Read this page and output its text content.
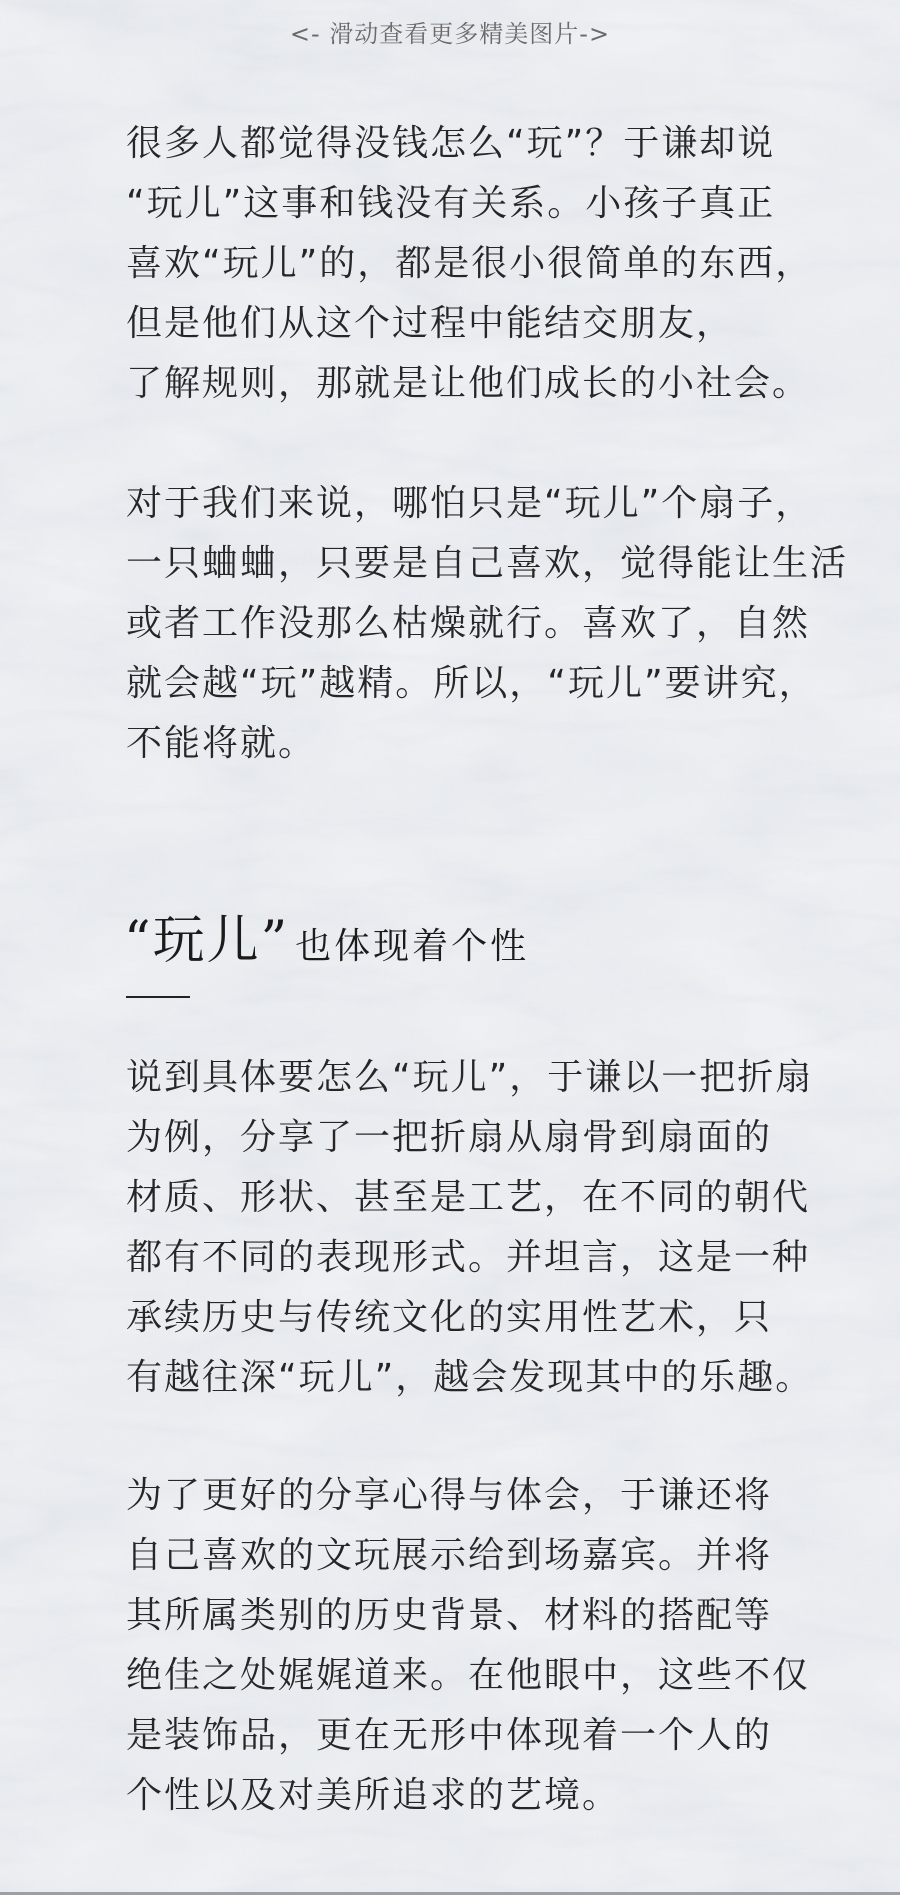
<- 滑动查看更多精美图片->
很多人都觉得没钱怎么“玩”？于谦却说
“玩儿”这事和钱没有关系。小孩子真正
喜欢“玩儿”的，都是很小很简单的东西，
但是他们从这个过程中能结交朋友，
了解规则，那就是让他们成长的小社会。
对于我们来说，哪怕只是“玩儿”个扇子，
一只蛐蛐，只要是自己喜欢，觉得能让生活
或者工作没那么枯燥就行。喜欢了，自然
就会越“玩”越精。所以，“玩儿”要讲究，
不能将就。
“玩儿” 也体现着个性
说到具体要怎么“玩儿”，于谦以一把折扇
为例，分享了一把折扇从扇骨到扇面的
材质、形状、甚至是工艺，在不同的朝代
都有不同的表现形式。并坦言，这是一种
承续历史与传统文化的实用性艺术，只
有越往深“玩儿”，越会发现其中的乐趣。
为了更好的分享心得与体会，于谦还将
自己喜欢的文玩展示给到场嘉宾。并将
其所属类别的历史背景、材料的搭配等
绝佳之处娓娓道来。在他眼中，这些不仅
是装饰品，更在无形中体现着一个人的
个性以及对美所追求的艺境。
